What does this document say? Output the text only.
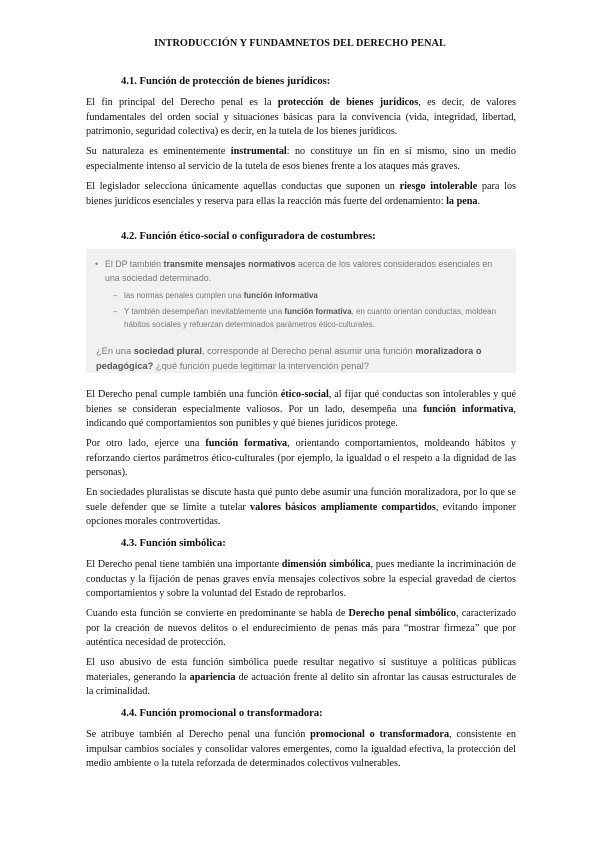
INTRODUCCIÓN Y FUNDAMNETOS DEL DERECHO PENAL
4.1. Función de protección de bienes jurídicos:

El fin principal del Derecho penal es la protección de bienes jurídicos, es decir, de valores fundamentales del orden social y situaciones básicas para la convivencia (vida, integridad, libertad, patrimonio, seguridad colectiva) es decir, en la tutela de los bienes jurídicos.

Su naturaleza es eminentemente instrumental: no constituye un fin en sí mismo, sino un medio especialmente intenso al servicio de la tutela de esos bienes frente a los ataques más graves.

El legislador selecciona únicamente aquellas conductas que suponen un riesgo intolerable para los bienes jurídicos esenciales y reserva para ellas la reacción más fuerte del ordenamiento: la pena.

4.2. Función ético-social o configuradora de costumbres:
• El DP también transmite mensajes normativos acerca de los valores considerados esenciales en una sociedad determinado.
– las normas penales cumplen una función informativa
– Y también desempeñan inevitablemente una función formativa, en cuanto orientan conductas, moldean hábitos sociales y refuerzan determinados parámetros ético-culturales.
¿En una sociedad plural, corresponde al Derecho penal asumir una función moralizadora o pedagógica? ¿qué función puede legitimar la intervención penal?

El Derecho penal cumple también una función ético-social, al fijar qué conductas son intolerables y qué bienes se consideran especialmente valiosos. Por un lado, desempeña una función informativa, indicando qué comportamientos son punibles y qué bienes jurídicos protege.

Por otro lado, ejerce una función formativa, orientando comportamientos, moldeando hábitos y reforzando ciertos parámetros ético-culturales (por ejemplo, la igualdad o el respeto a la dignidad de las personas).

En sociedades pluralistas se discute hasta qué punto debe asumir una función moralizadora, por lo que se suele defender que se limite a tutelar valores básicos ampliamente compartidos, evitando imponer opciones morales controvertidas.

4.3. Función simbólica:

El Derecho penal tiene también una importante dimensión simbólica, pues mediante la incriminación de conductas y la fijación de penas graves envía mensajes colectivos sobre la especial gravedad de ciertos comportamientos y sobre la voluntad del Estado de reprobarlos.

Cuando esta función se convierte en predominante se habla de Derecho penal simbólico, caracterizado por la creación de nuevos delitos o el endurecimiento de penas más para “mostrar firmeza” que por auténtica necesidad de protección.

El uso abusivo de esta función simbólica puede resultar negativo si sustituye a políticas públicas materiales, generando la apariencia de actuación frente al delito sin afrontar las causas estructurales de la criminalidad.

4.4. Función promocional o transformadora:

Se atribuye también al Derecho penal una función promocional o transformadora, consistente en impulsar cambios sociales y consolidar valores emergentes, como la igualdad efectiva, la protección del medio ambiente o la tutela reforzada de determinados colectivos vulnerables.
